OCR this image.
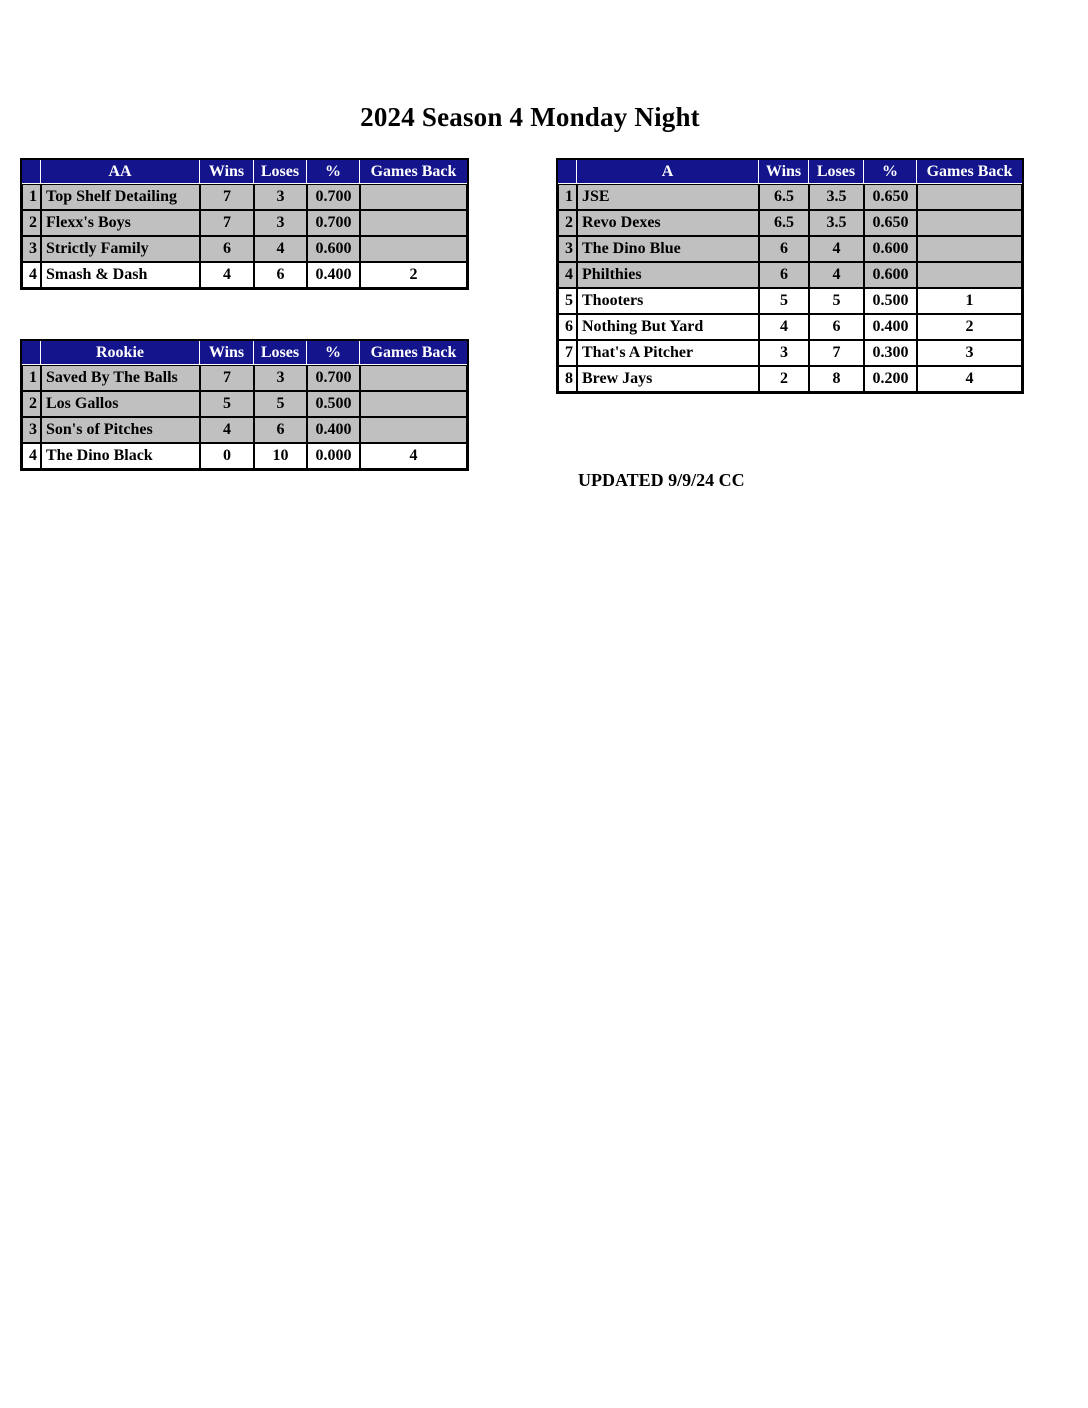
2024 Season 4 Monday Night
	AA	Wins	Loses	%	Games Back
1	Top Shelf Detailing	7	3	0.700	
2	Flexx's Boys	7	3	0.700	
3	Strictly Family	6	4	0.600	
4	Smash & Dash	4	6	0.400	2
	Rookie	Wins	Loses	%	Games Back
1	Saved By The Balls	7	3	0.700	
2	Los Gallos	5	5	0.500	
3	Son's of Pitches	4	6	0.400	
4	The Dino Black	0	10	0.000	4
	A	Wins	Loses	%	Games Back
1	JSE	6.5	3.5	0.650	
2	Revo Dexes	6.5	3.5	0.650	
3	The Dino Blue	6	4	0.600	
4	Philthies	6	4	0.600	
5	Thooters	5	5	0.500	1
6	Nothing But Yard	4	6	0.400	2
7	That's A Pitcher	3	7	0.300	3
8	Brew Jays	2	8	0.200	4
UPDATED 9/9/24 CC
